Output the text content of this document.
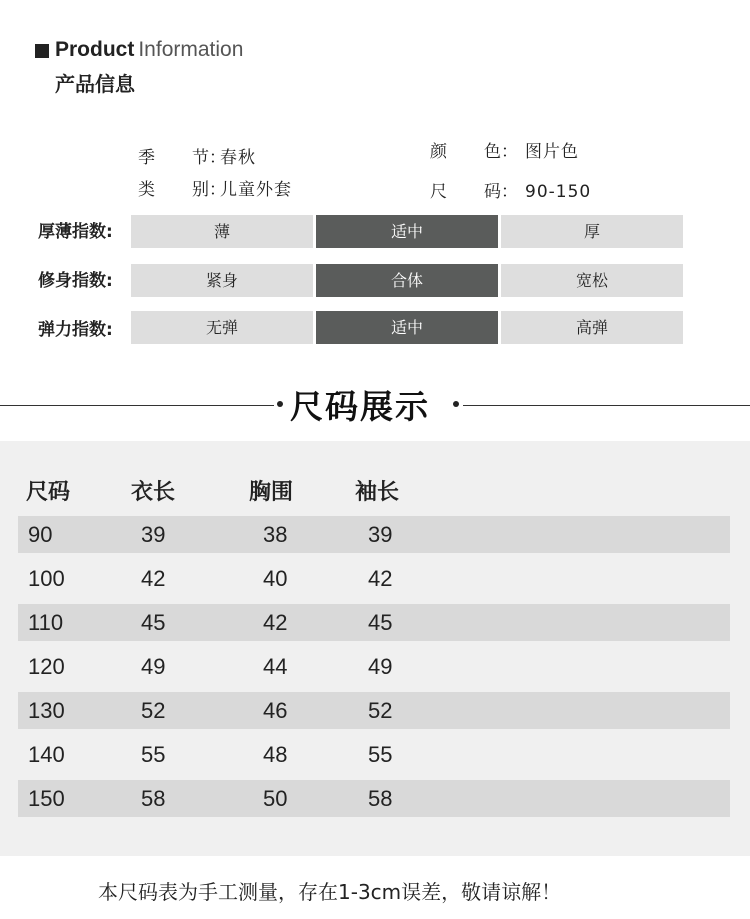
Product Information
产品信息
季 节：春秋
类 别：儿童外套
颜 色： 图片色
尺 码： 90-150
厚薄指数:	薄	适中	厚
修身指数:	紧身	合体	宽松
弹力指数:	无弹	适中	高弹
尺码展示
尺码	衣长	胸围	袖长
90	39	38	39
100	42	40	42
110	45	42	45
120	49	44	49
130	52	46	52
140	55	48	55
150	58	50	58
本尺码表为手工测量，存在1-3cm误差，敬请谅解！
